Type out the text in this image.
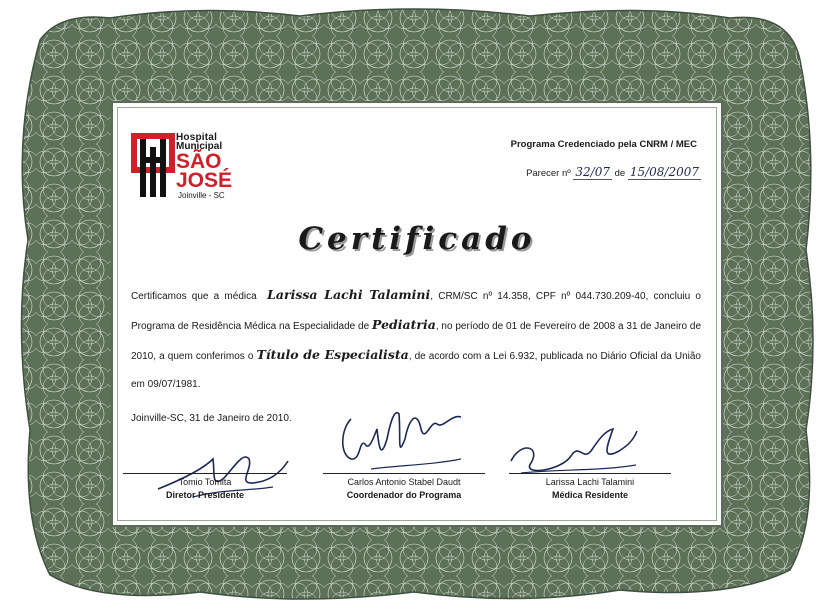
Hospital
Municipal
SÃO
JOSÉ
Joinville - SC
Programa Credenciado pela CNRM / MEC
Parecer nº 32/07 de 15/08/2007
Certificado
Certificamos que a médica Larissa Lachi Talamini, CRM/SC nº 14.358, CPF nº 044.730.209-40, concluiu o Programa de Residência Médica na Especialidade de Pediatria, no período de 01 de Fevereiro de 2008 a 31 de Janeiro de 2010, a quem conferimos o Título de Especialista, de acordo com a Lei 6.932, publicada no Diário Oficial da União em 09/07/1981.
Joinville-SC, 31 de Janeiro de 2010.
Tomio Tomita
Diretor Presidente
Carlos Antonio Stabel Daudt
Coordenador do Programa
Larissa Lachi Talamini
Médica Residente
